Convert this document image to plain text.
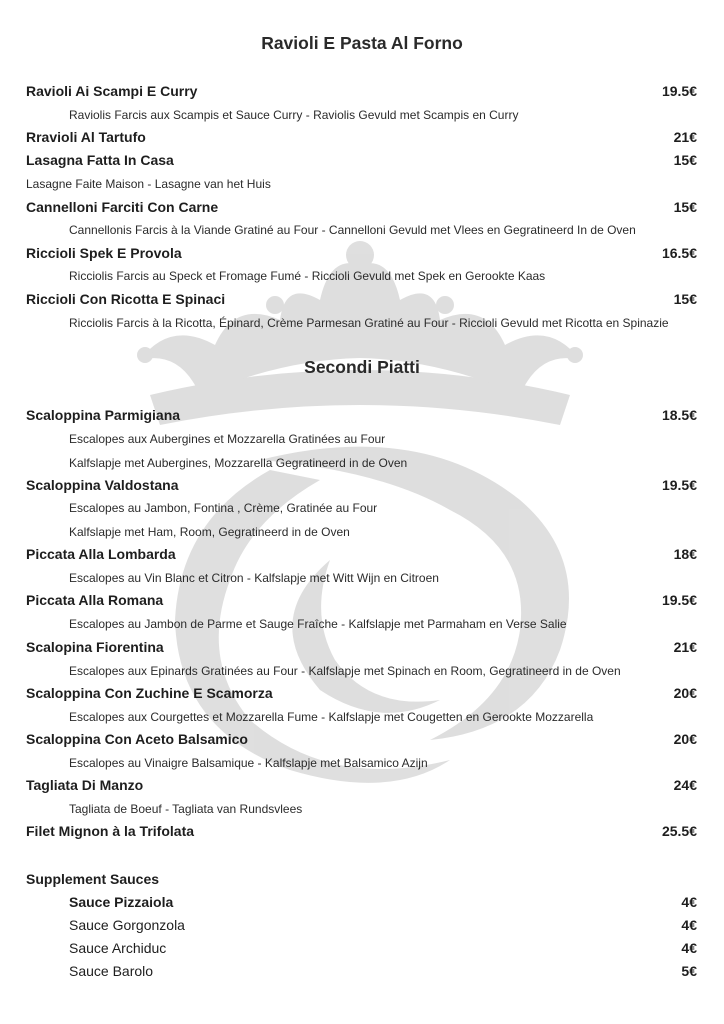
Ravioli E Pasta Al Forno
Ravioli Ai Scampi E Curry	19.5€
Raviolis Farcis aux Scampis et Sauce Curry - Raviolis Gevuld met Scampis en Curry
Rravioli Al Tartufo	21€
Lasagna Fatta In Casa	15€
Lasagne Faite Maison - Lasagne van het Huis
Cannelloni Farciti Con Carne	15€
Cannellonis Farcis à la Viande Gratiné au Four - Cannelloni Gevuld met Vlees en Gegratineerd In de Oven
Riccioli Spek E Provola	16.5€
Ricciolis Farcis au Speck et Fromage Fumé - Riccioli Gevuld met Spek en Gerookte Kaas
Riccioli Con Ricotta E Spinaci	15€
Ricciolis Farcis à la Ricotta, Épinard, Crème Parmesan Gratiné au Four - Riccioli Gevuld met Ricotta en Spinazie
Secondi Piatti
Scaloppina Parmigiana	18.5€
Escalopes aux Aubergines et Mozzarella Gratinées au Four
Kalfslapje met Aubergines, Mozzarella Gegratineerd in de Oven
Scaloppina Valdostana	19.5€
Escalopes au Jambon, Fontina , Crème, Gratinée au Four
Kalfslapje met Ham, Room, Gegratineerd in de Oven
Piccata Alla Lombarda	18€
Escalopes au Vin Blanc et Citron - Kalfslapje met Witt Wijn en Citroen
Piccata Alla Romana	19.5€
Escalopes au Jambon de Parme et Sauge Fraîche - Kalfslapje met Parmaham en Verse Salie
Scalopina Fiorentina	21€
Escalopes aux Epinards Gratinées au Four - Kalfslapje met Spinach en Room, Gegratineerd in de Oven
Scaloppina Con Zuchine E Scamorza	20€
Escalopes aux Courgettes et Mozzarella Fume - Kalfslapje met Cougetten en Gerookte Mozzarella
Scaloppina Con Aceto Balsamico	20€
Escalopes au Vinaigre Balsamique - Kalfslapje met Balsamico Azijn
Tagliata Di Manzo	24€
Tagliata de Boeuf - Tagliata van Rundsvlees
Filet Mignon à la Trifolata	25.5€
Supplement Sauces
Sauce Pizzaiola	4€
Sauce Gorgonzola	4€
Sauce Archiduc	4€
Sauce Barolo	5€
